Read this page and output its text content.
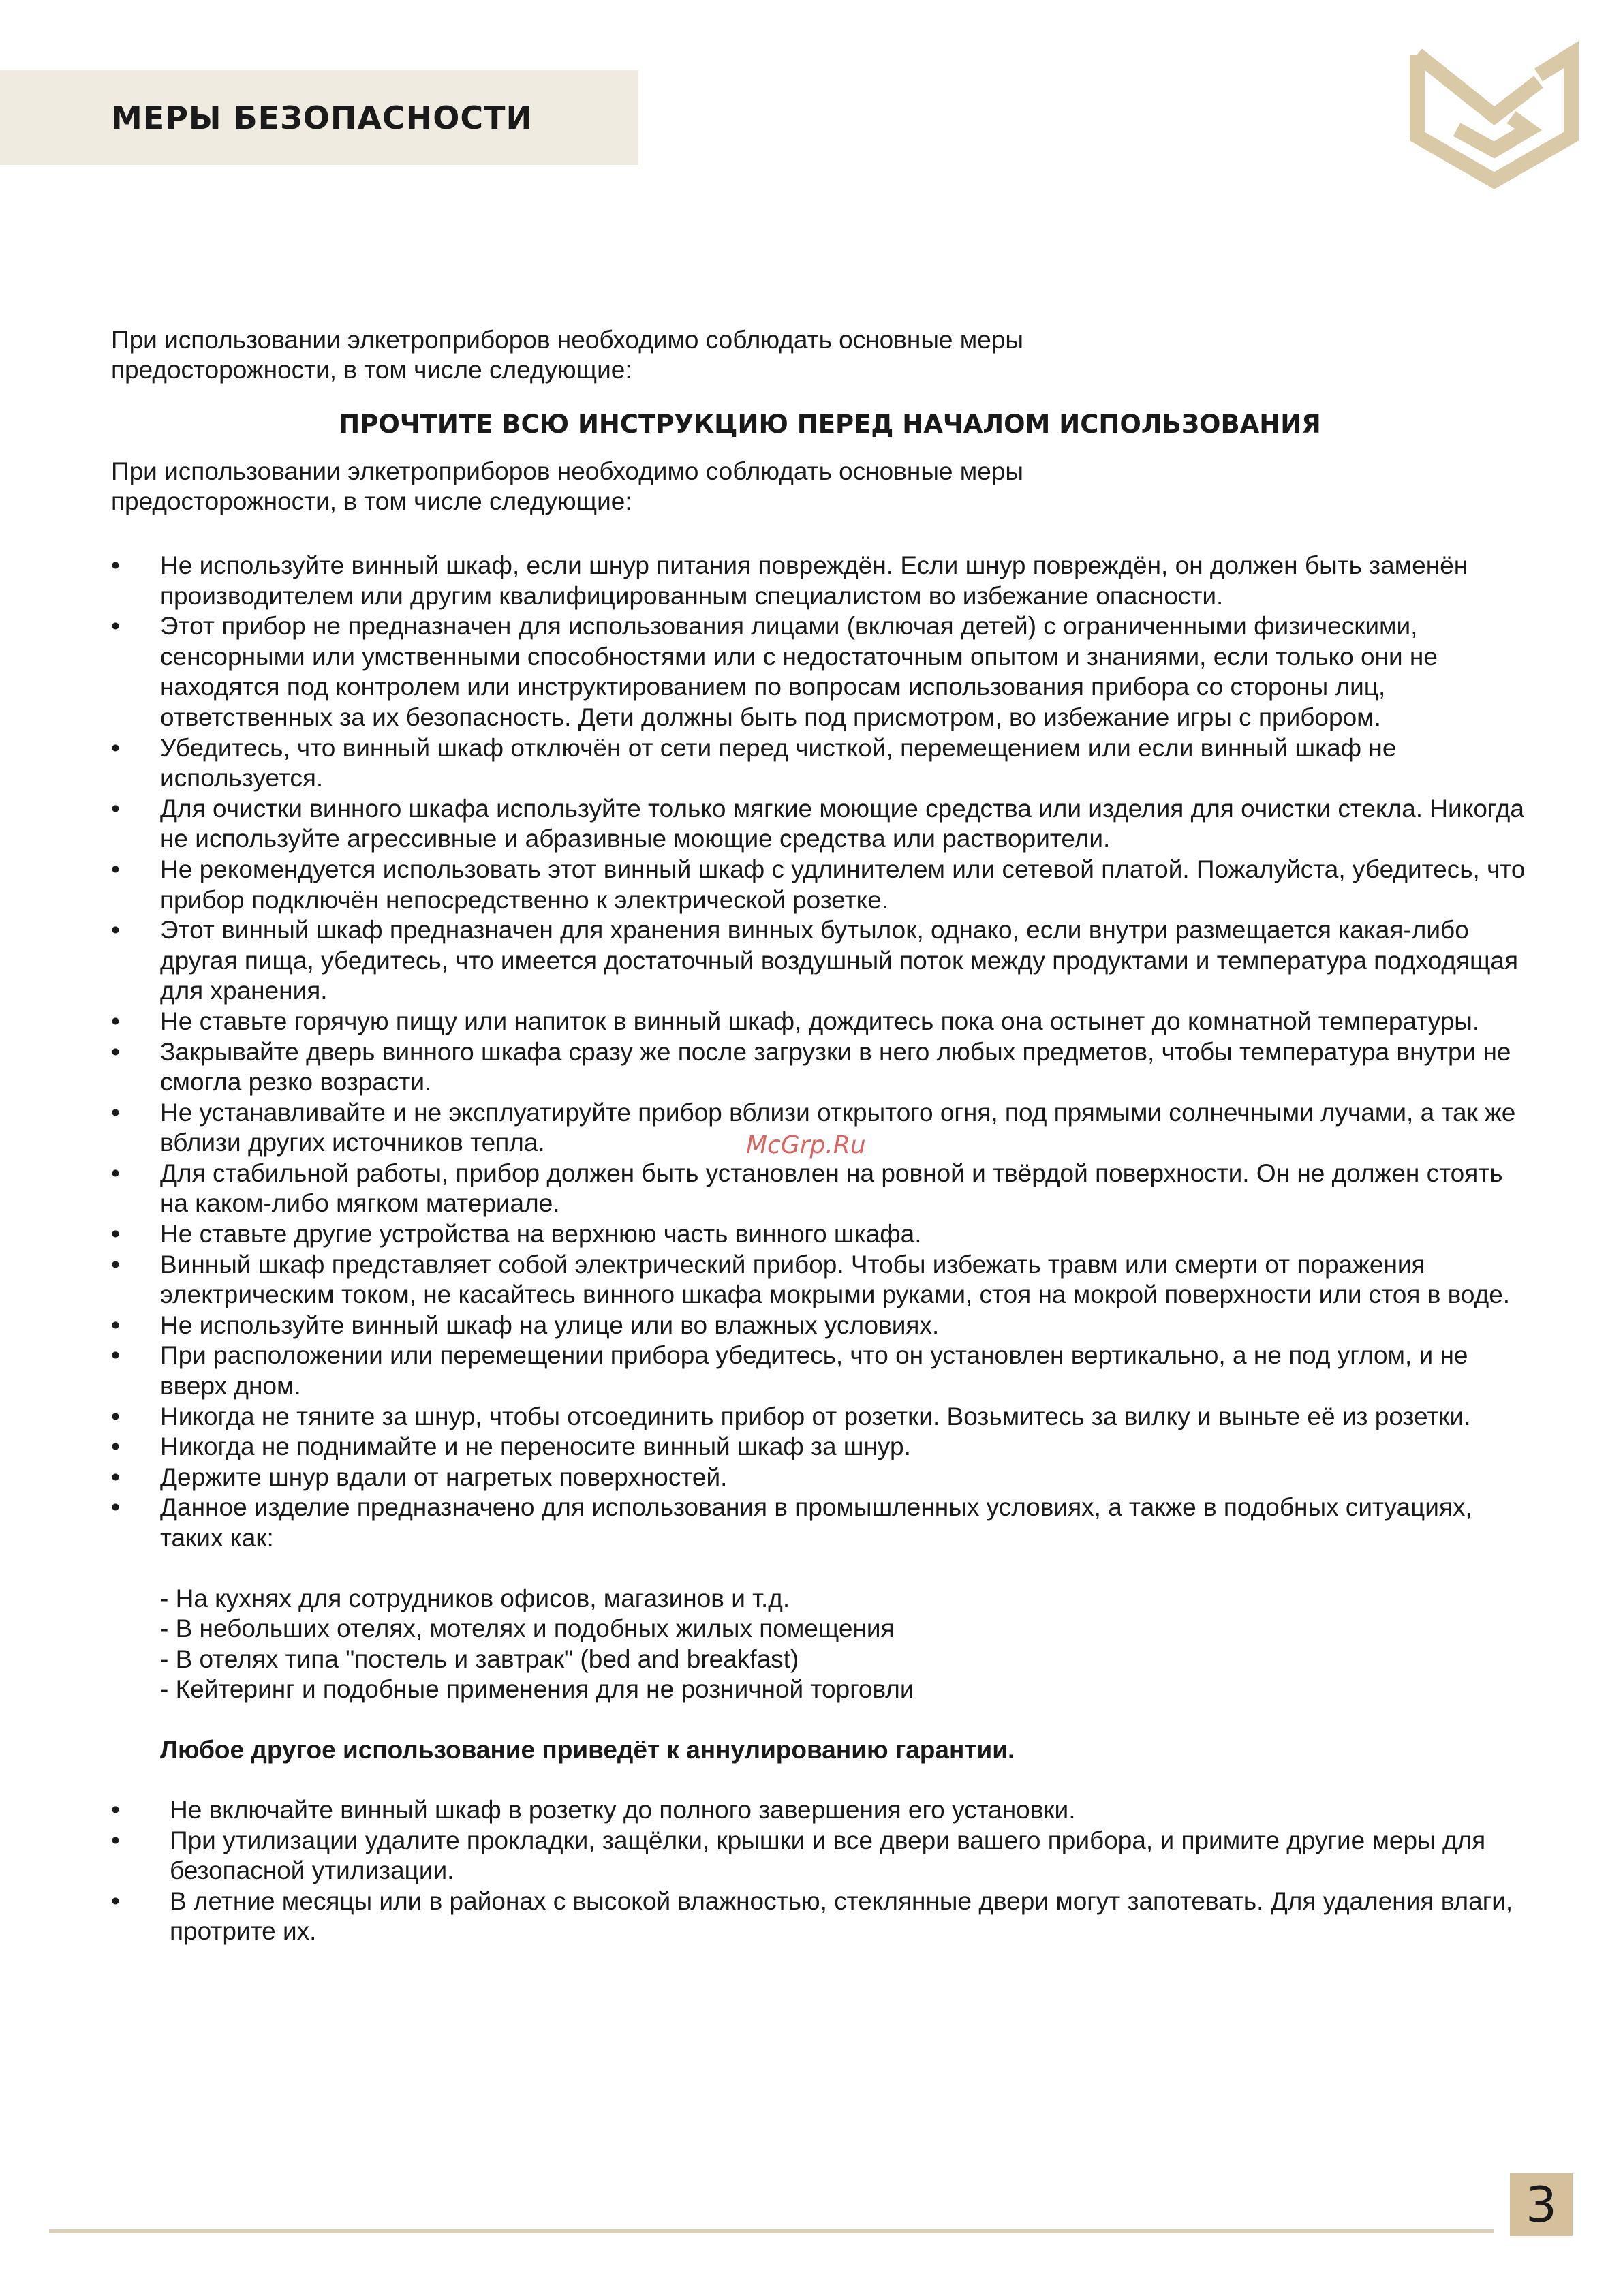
МЕРЫ БЕЗОПАСНОСТИ

При использовании элкетроприборов необходимо соблюдать основные меры
предосторожности, в том числе следующие:

ПРОЧТИТЕ ВСЮ ИНСТРУКЦИЮ ПЕРЕД НАЧАЛОМ ИСПОЛЬЗОВАНИЯ

При использовании элкетроприборов необходимо соблюдать основные меры
предосторожности, в том числе следующие:

• Не используйте винный шкаф, если шнур питания повреждён. Если шнур повреждён, он должен быть заменён производителем или другим квалифицированным специалистом во избежание опасности.
• Этот прибор не предназначен для использования лицами (включая детей) с ограниченными физическими, сенсорными или умственными способностями или с недостаточным опытом и знаниями, если только они не находятся под контролем или инструктированием по вопросам использования прибора со стороны лиц, ответственных за их безопасность. Дети должны быть под присмотром, во избежание игры с прибором.
• Убедитесь, что винный шкаф отключён от сети перед чисткой, перемещением или если винный шкаф не используется.
• Для очистки винного шкафа используйте только мягкие моющие средства или изделия для очистки стекла. Никогда не используйте агрессивные и абразивные моющие средства или растворители.
• Не рекомендуется использовать этот винный шкаф с удлинителем или сетевой платой. Пожалуйста, убедитесь, что прибор подключён непосредственно к электрической розетке.
• Этот винный шкаф предназначен для хранения винных бутылок, однако, если внутри размещается какая-либо другая пища, убедитесь, что имеется достаточный воздушный поток между продуктами и температура подходящая для хранения.
• Не ставьте горячую пищу или напиток в винный шкаф, дождитесь пока она остынет до комнатной температуры.
• Закрывайте дверь винного шкафа сразу же после загрузки в него любых предметов, чтобы температура внутри не смогла резко возрасти.
• Не устанавливайте и не эксплуатируйте прибор вблизи открытого огня, под прямыми солнечными лучами, а так же вблизи других источников тепла.
• Для стабильной работы, прибор должен быть установлен на ровной и твёрдой поверхности. Он не должен стоять на каком-либо мягком материале.
• Не ставьте другие устройства на верхнюю часть винного шкафа.
• Винный шкаф представляет собой электрический прибор. Чтобы избежать травм или смерти от поражения электрическим током, не касайтесь винного шкафа мокрыми руками, стоя на мокрой поверхности или стоя в воде.
• Не используйте винный шкаф на улице или во влажных условиях.
• При расположении или перемещении прибора убедитесь, что он установлен вертикально, а не под углом, и не вверх дном.
• Никогда не тяните за шнур, чтобы отсоединить прибор от розетки. Возьмитесь за вилку и выньте её из розетки.
• Никогда не поднимайте и не переносите винный шкаф за шнур.
• Держите шнур вдали от нагретых поверхностей.
• Данное изделие предназначено для использования в промышленных условиях, а также в подобных ситуациях, таких как:
- На кухнях для сотрудников офисов, магазинов и т.д.
- В небольших отелях, мотелях и подобных жилых помещения
- В отелях типа "постель и завтрак" (bed and breakfast)
- Кейтеринг и подобные применения для не розничной торговли
Любое другое использование приведёт к аннулированию гарантии.
• Не включайте винный шкаф в розетку до полного завершения его установки.
• При утилизации удалите прокладки, защёлки, крышки и все двери вашего прибора, и примите другие меры для безопасной утилизации.
• В летние месяцы или в районах с высокой влажностью, стеклянные двери могут запотевать. Для удаления влаги, протрите их.
McGrp.Ru
3
